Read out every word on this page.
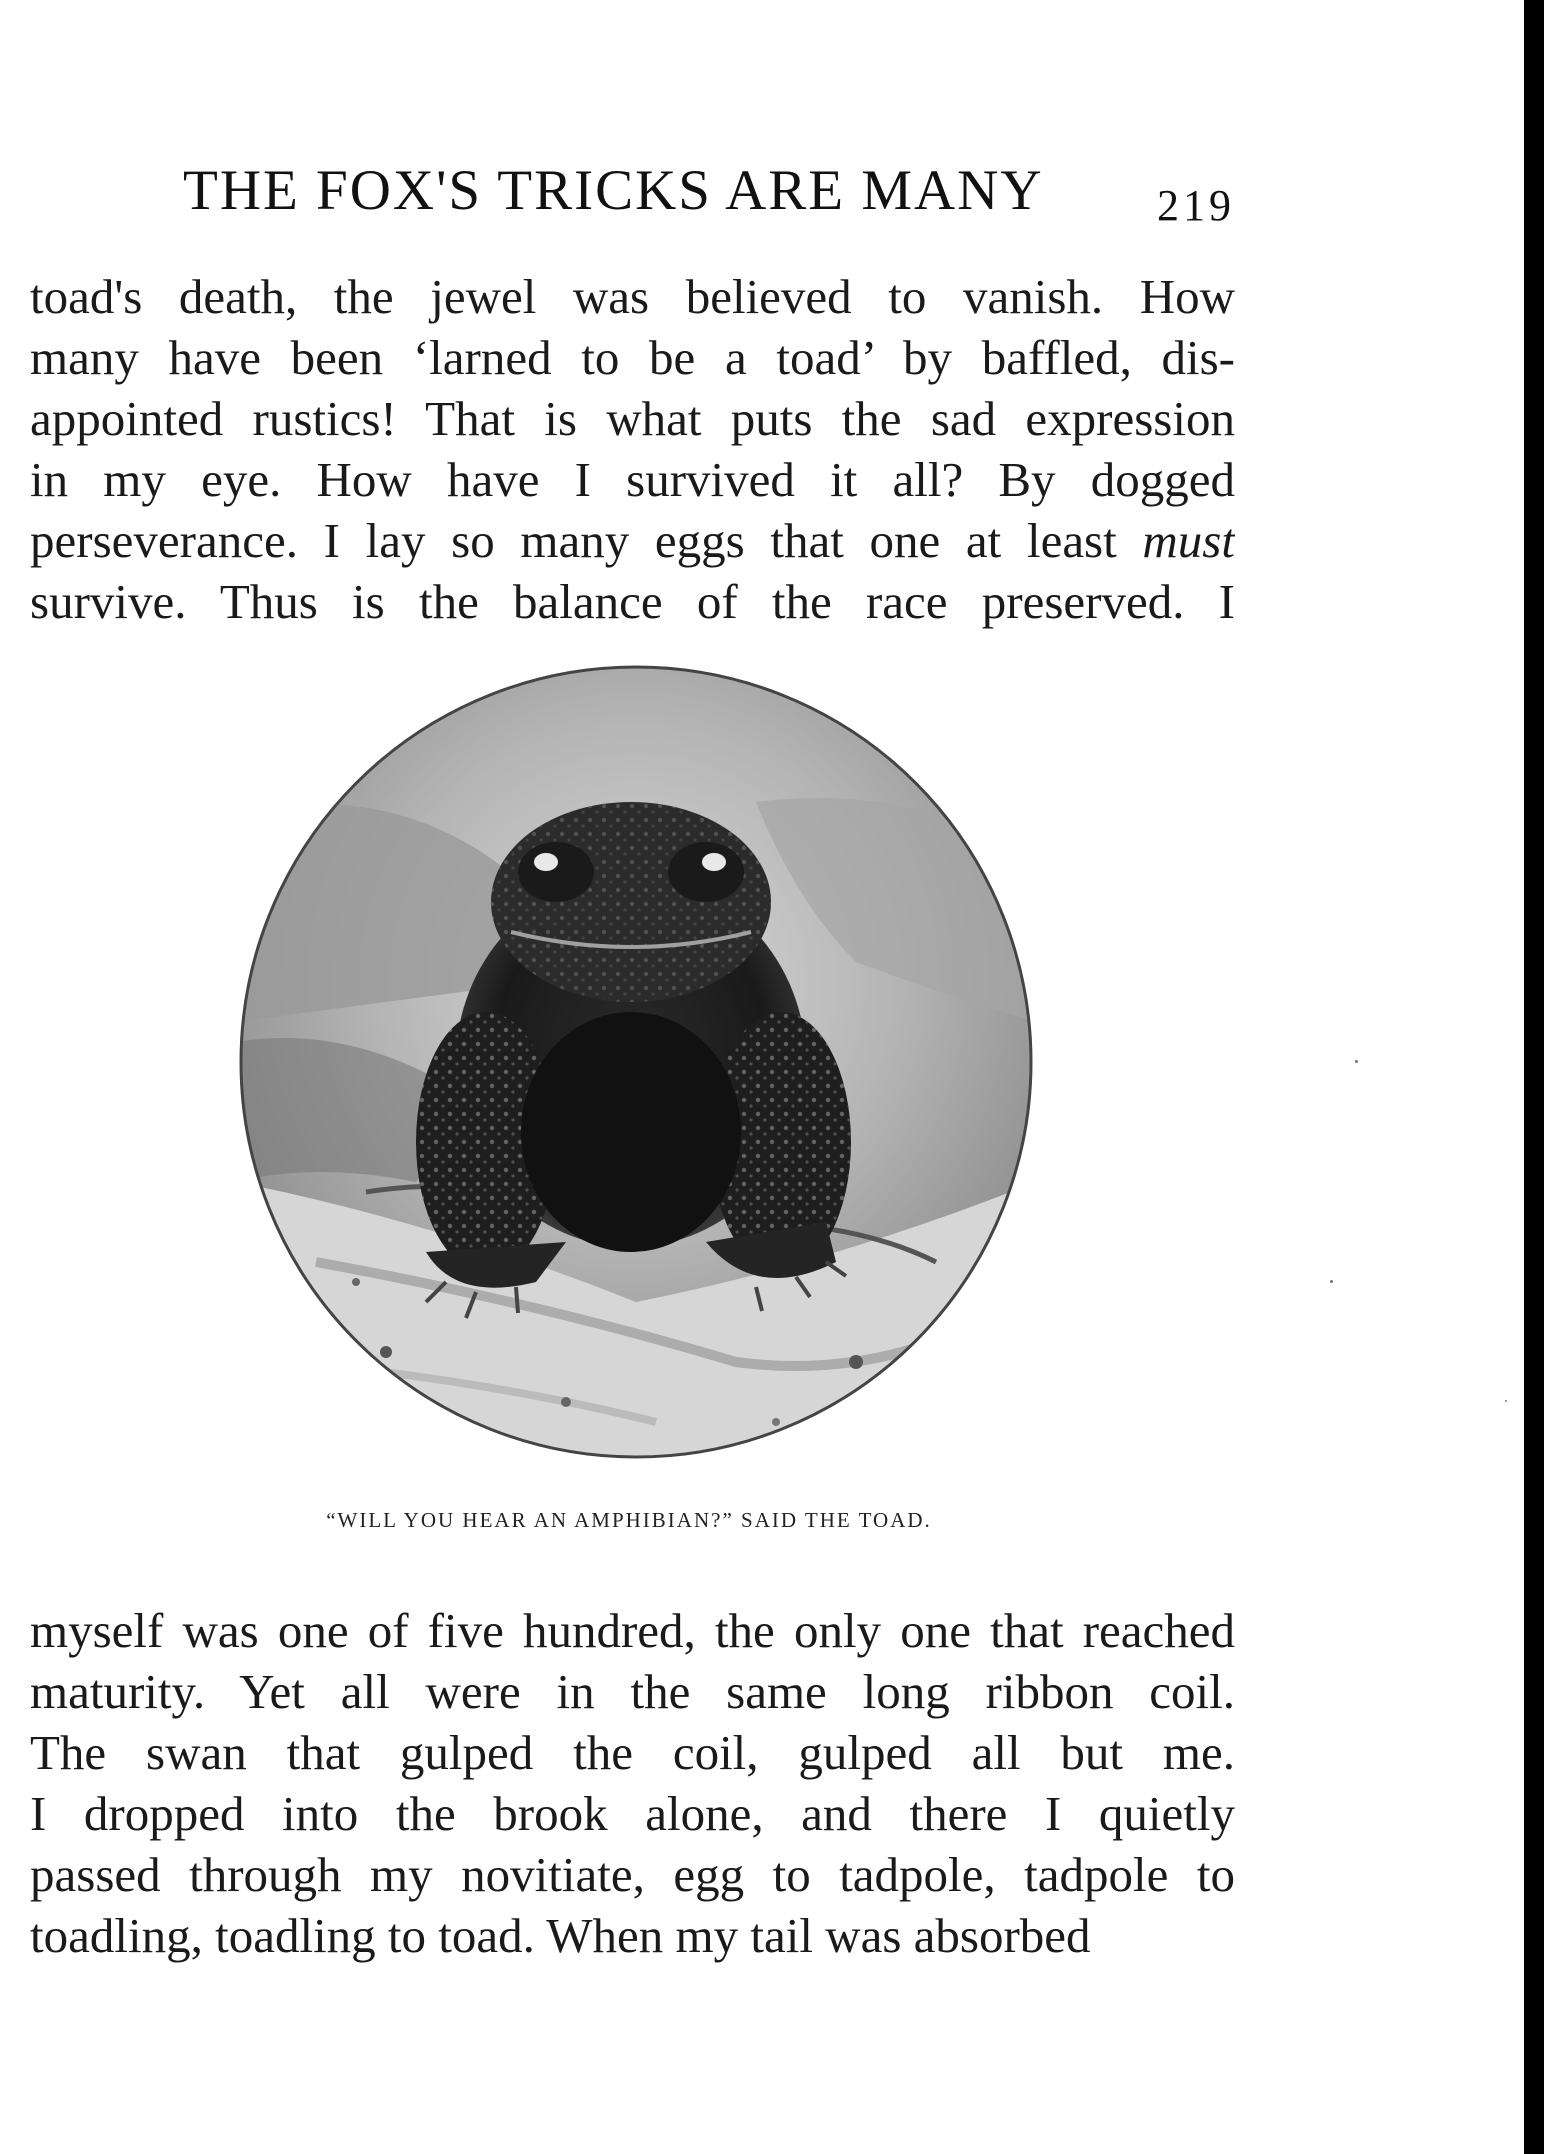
THE FOX'S TRICKS ARE MANY	219
toad's death, the jewel was believed to vanish. How
many have been ‘larned to be a toad’ by baffled, dis-
appointed rustics! That is what puts the sad expression
in my eye. How have I survived it all? By dogged
perseverance. I lay so many eggs that one at least must
survive. Thus is the balance of the race preserved. I
“WILL YOU HEAR AN AMPHIBIAN?” SAID THE TOAD.
myself was one of five hundred, the only one that reached
maturity. Yet all were in the same long ribbon coil.
The swan that gulped the coil, gulped all but me.
I dropped into the brook alone, and there I quietly
passed through my novitiate, egg to tadpole, tadpole to
toadling, toadling to toad. When my tail was absorbed
